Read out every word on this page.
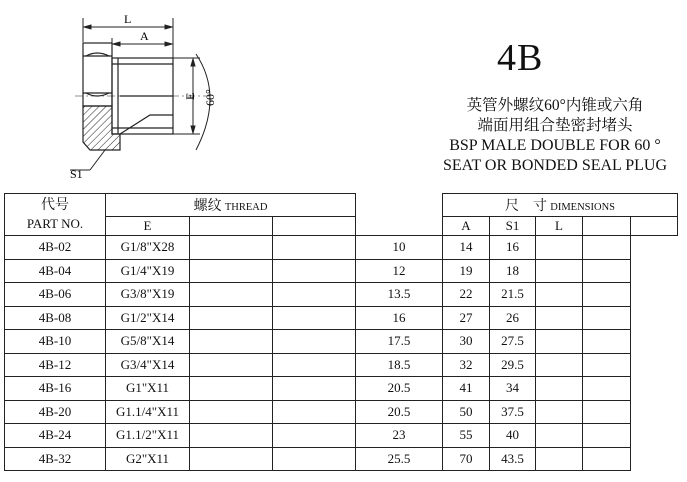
L
A
E 60°
S1
4B
英管外螺纹60°内锥或六角
端面用组合垫密封堵头
BSP MALE DOUBLE FOR 60 °
SEAT OR BONDED SEAL PLUG
代号
PART NO.	螺纹 THREAD				尺　寸 DIMENSIONS				
	E				A	S1	L		
4B-02	G1/8"X28			10	14	16			
4B-04	G1/4"X19			12	19	18			
4B-06	G3/8"X19			13.5	22	21.5			
4B-08	G1/2"X14			16	27	26			
4B-10	G5/8"X14			17.5	30	27.5			
4B-12	G3/4"X14			18.5	32	29.5			
4B-16	G1"X11			20.5	41	34			
4B-20	G1.1/4"X11			20.5	50	37.5			
4B-24	G1.1/2"X11			23	55	40			
4B-32	G2"X11			25.5	70	43.5			
